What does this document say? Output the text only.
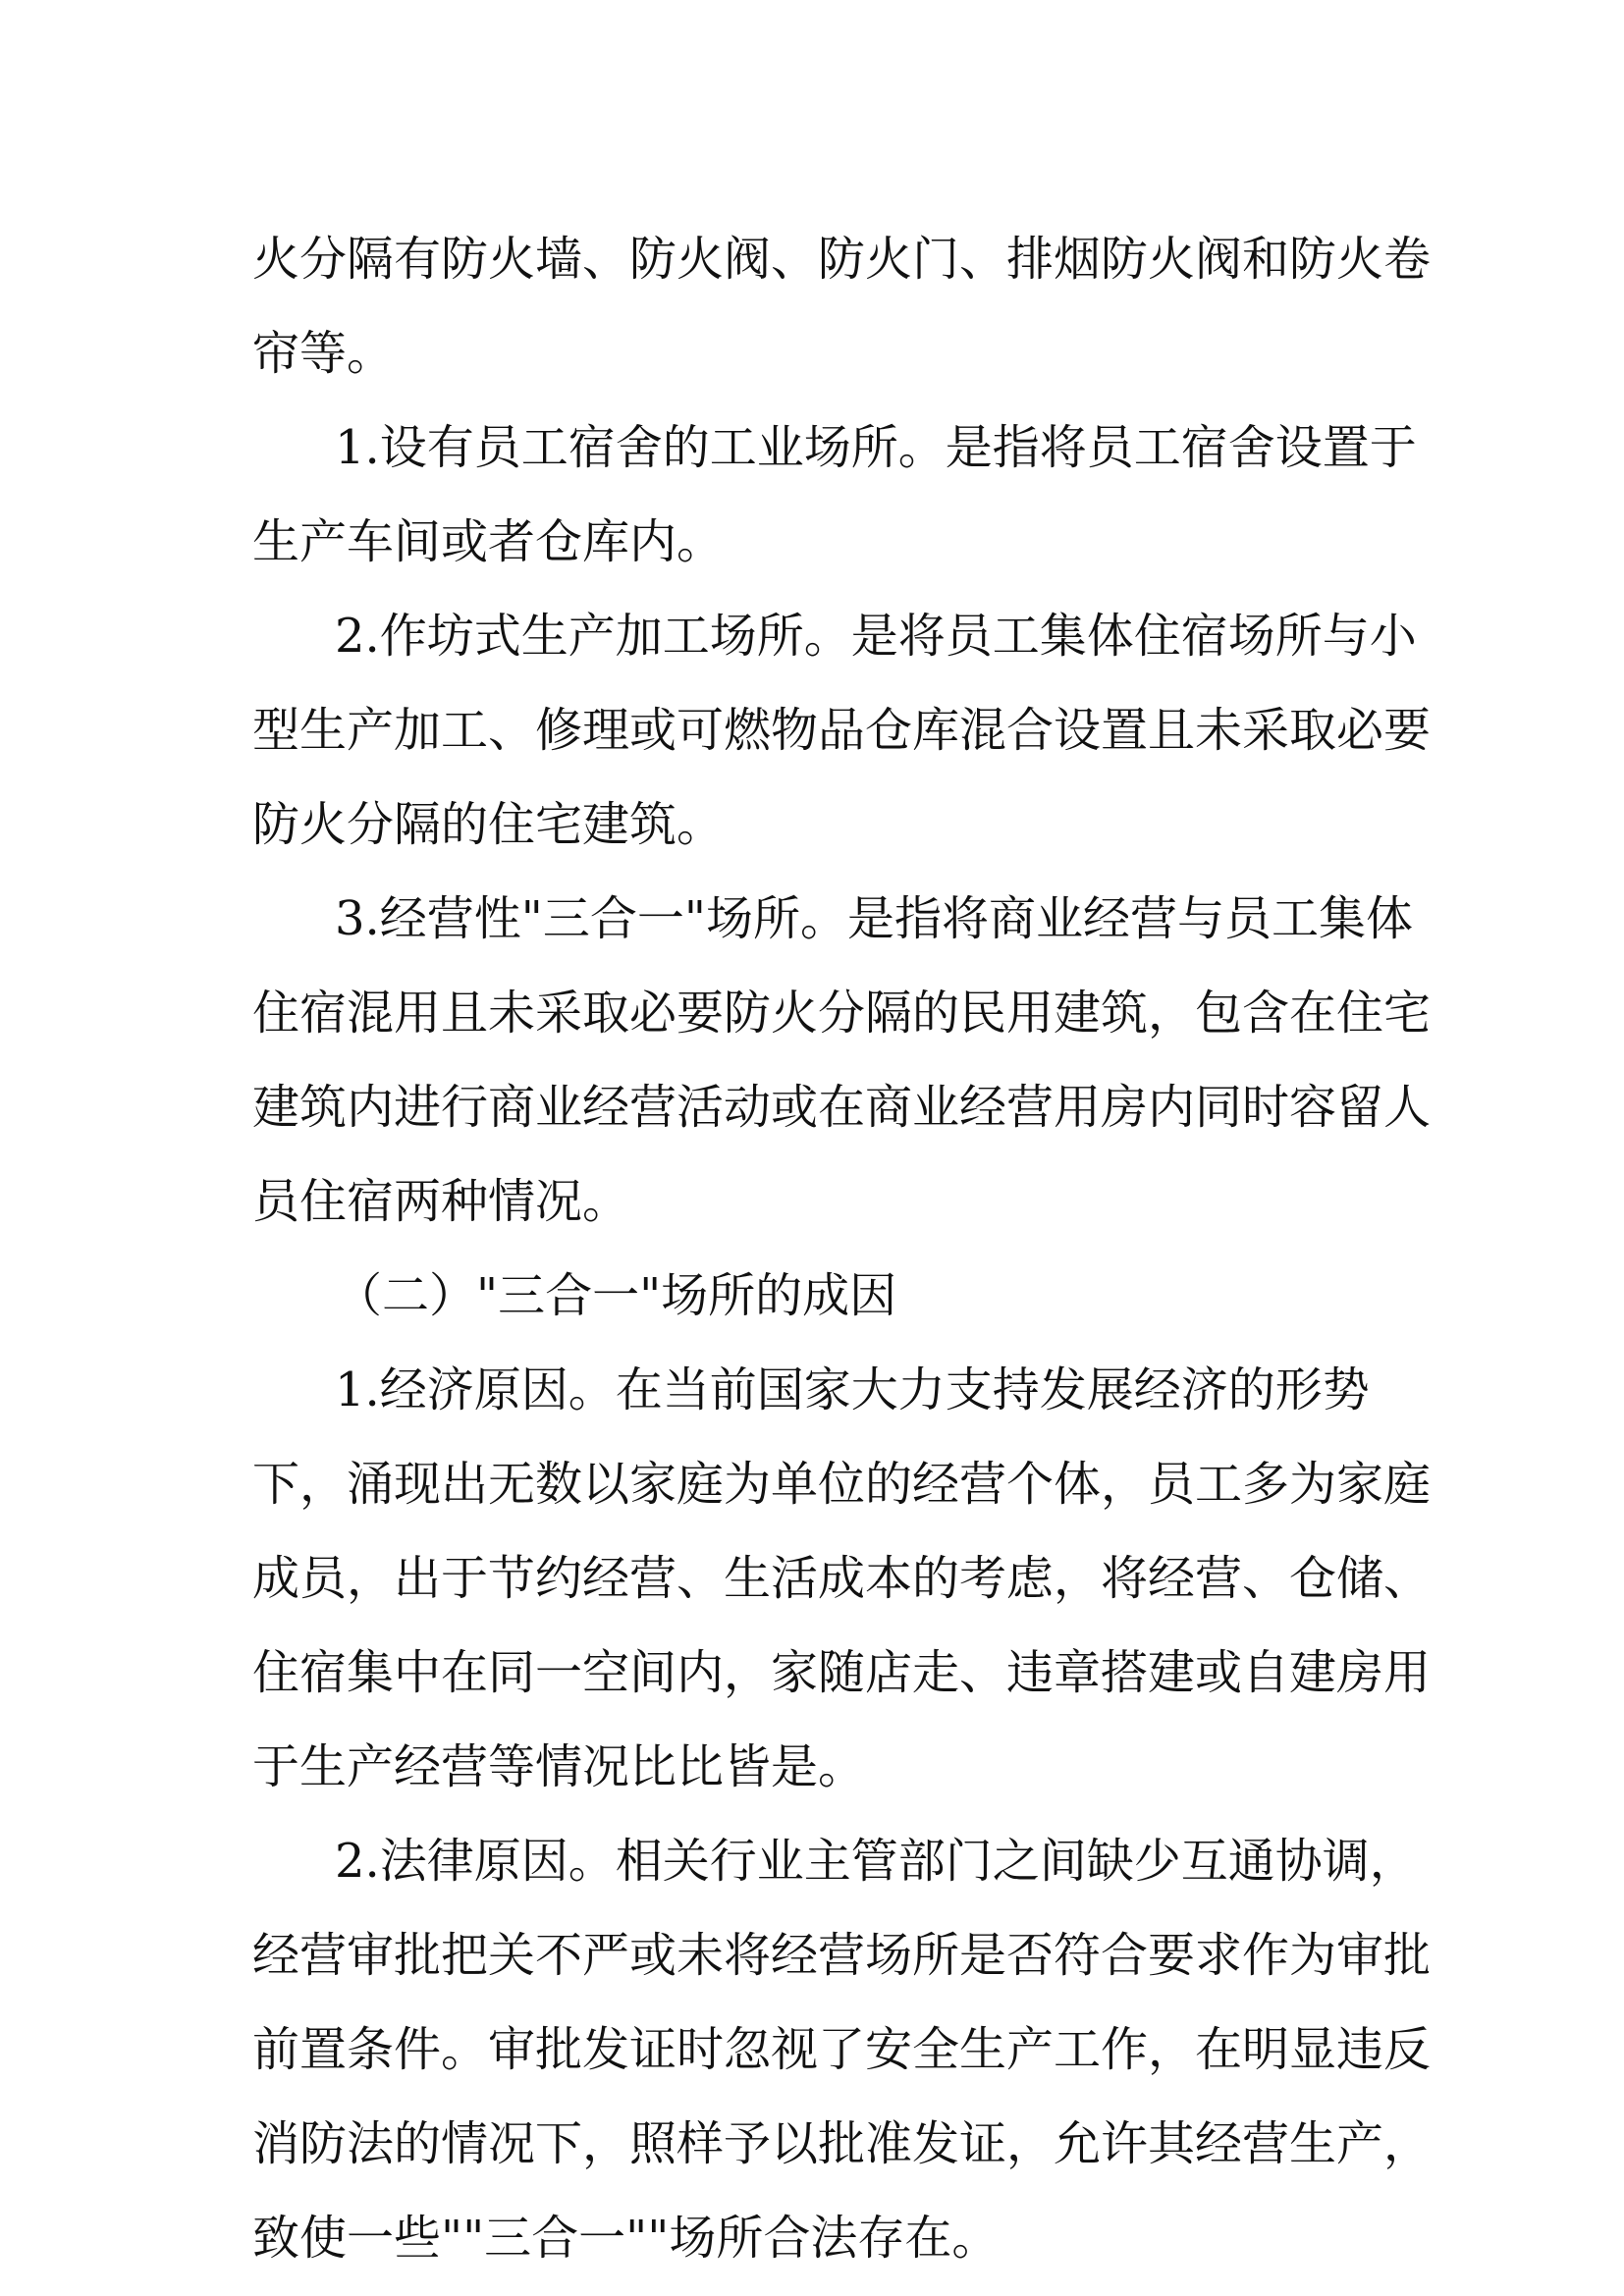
火分隔有防火墙、防火阀、防火门、排烟防火阀和防火卷
帘等。
1.设有员工宿舍的工业场所。是指将员工宿舍设置于
生产车间或者仓库内。
2.作坊式生产加工场所。是将员工集体住宿场所与小
型生产加工、修理或可燃物品仓库混合设置且未采取必要
防火分隔的住宅建筑。
3.经营性"三合一"场所。是指将商业经营与员工集体
住宿混用且未采取必要防火分隔的民用建筑，包含在住宅
建筑内进行商业经营活动或在商业经营用房内同时容留人
员住宿两种情况。
（二）"三合一"场所的成因
1.经济原因。在当前国家大力支持发展经济的形势
下，涌现出无数以家庭为单位的经营个体，员工多为家庭
成员，出于节约经营、生活成本的考虑，将经营、仓储、
住宿集中在同一空间内，家随店走、违章搭建或自建房用
于生产经营等情况比比皆是。
2.法律原因。相关行业主管部门之间缺少互通协调，
经营审批把关不严或未将经营场所是否符合要求作为审批
前置条件。审批发证时忽视了安全生产工作，在明显违反
消防法的情况下，照样予以批准发证，允许其经营生产，
致使一些""三合一""场所合法存在。
